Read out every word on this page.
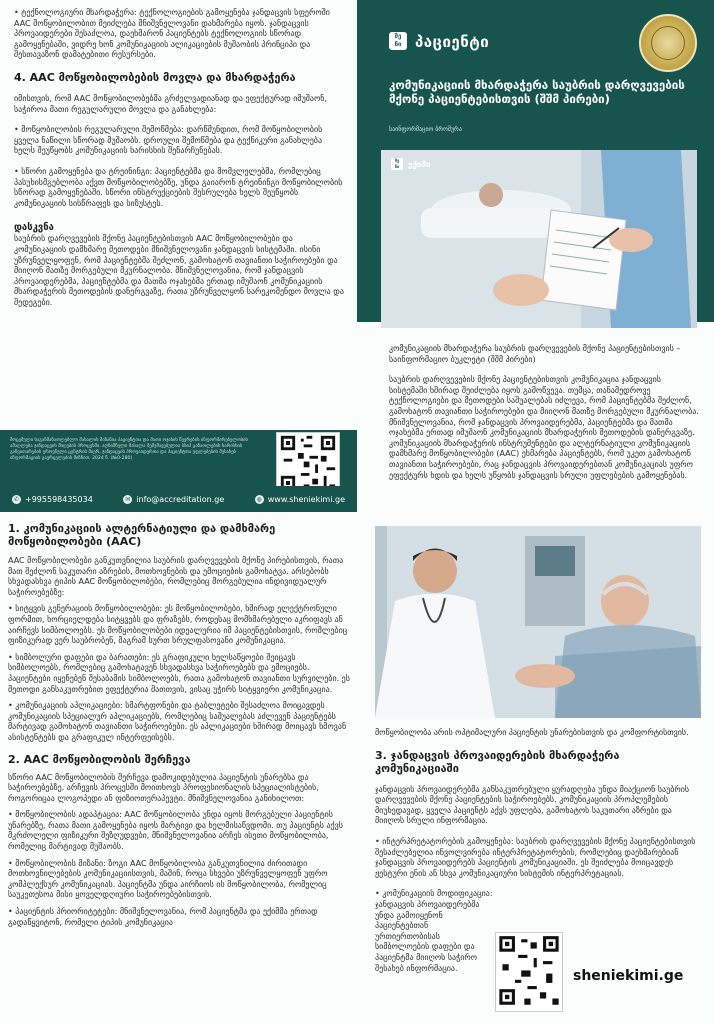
• ტექნოლოგიური მხარდაჭერა: ტექნოლოგიების გამოყენება ჯანდაცვის სფეროში AAC მოწყობილობით მეიძლება მნიშვნელოვანი დახმარება იყოს. ჯანდაცვის პროვაიდერები შესაძლოა, დაეხმარონ პაციენტებს ტექნოლოგიის სწორად გამოყენებაში, ვიდრე ხონ კომუნიკაციის ალიკაციების მუშაობის პრინციპი და შესთავაზონ დამატებითი რესურსები.

4. AAC მოწყობილობების მოვლა და მხარდაჭერა

იმისთვის, რომ AAC მოწყობილობებმა გრძელვადიანად და ეფექტურად იმუშაონ, საჭიროა მათი რეგულარული მოვლა და განახლება:

• მოწყობილობის რეგულარული შემოწმება: დარწმუნდით, რომ მოწყობილობის ყველა ნაწილი სწორად მუშაობს. დროული შემოწმება და ტექნიკური განახლება ხელს შეუწყობს კომუნიკაციის ხარისხის შენარჩუნებას.

• სწორი გამოყენება და ტრეინინგი: პაციენტებმა და მომვლელებმა, რომლებიც პასუხისმგებლობა აქვთ მოწყობილობებზე, უნდა გაიარონ ტრეინინგი მოწყობილობის სწორად გამოყენებაში. სწორი ინსტრუქციების შესრულება ხელს შეუწყობს კომუნიკაციის სისწრაფეს და სიზუსტეს.

დასკვნა

საუბრის დარღვევების მქონე პაციენტებისთვის AAC მოწყობილობები და კომუნიკაციის დამხმარე მეთოდები მნიშვნელოვანი ჯანდაცვის სისტემაში. ისინი უზრუნველყოფენ, რომ პაციენტებმა შეძლონ, გამოხატონ თავიანთი საჭიროებები და მიიღონ მათზე მორგებული მკურნალობა. მნიშვნელოვანია, რომ ჯანდაცვის პროვაიდერებმა, პაციენტებმა და მათმა ოჯახებმა ერთად იმუშაონ კომუნიკაციის მხარდაჭერის მეთოდების დანერგვაზე, რათა უზრუნველყონ სარეკომენდო მოვლა და შედეგები.

მოცემული საგანმანათლებლო მასალის მიზანია პაციენტთა და მათი ოჯახის წევრების ინფორმირებულობის ამაღლება ჯანდაცვის მიღების პროცესში. აღნიშნული მასალა შემუშავებულია სსიპ განათლების ხარისხის განვითარების ეროვნული ცენტრის მიერ, ჯანდაცვის პროვაიდერთა და პაციენტთა უფლებების შესახებ ინფორმაციის გავრცელების მიზნით. 2024 წ. (№0-280)

✆ +995598435034	✉ info@accreditation.ge	◍ www.sheniekimi.ge
შე
ნი პაციენტი
კომუნიკაციის მხარდაჭერა საუბრის დარღვევების მქონე პაციენტებისთვის (შშმ პირები)
საინფორმაციო ბროშურა
შე
ნი	ექიმი

კომუნიკაციის მხარდაჭერა საუბრის დარღვევების მქონე პაციენტებისთვის – საინფორმაციო ბუკლეტი (შშმ პირები)

საუბრის დარღვევების მქონე პაციენტებისთვის კომუნიკაცია ჯანდაცვის სისტემაში ხშირად შეიძლება იყოს გამოწვევა. თუმცა, თანამედროვე ტექნოლოგიები და მეთოდები საშუალებას იძლევა, რომ პაციენტებმა შეძლონ, გამოხატონ თავიანთი საჭიროებები და მიიღონ მათზე მორგებული მკურნალობა. მნიშვნელოვანია, რომ ჯანდაცვის პროვაიდერებმა, პაციენტებმა და მათმა ოჯახებმა ერთად იმუშაონ კომუნიკაციის მხარდაჭერის მეთოდების დანერგვაზე. კომუნიკაციის მხარდაჭერის ინსტრუმენტები და ალტერნატიული კომუნიკაციის დამხმარე მოწყობილობები (AAC) ეხმარება პაციენტებს, რომ უკეთ გამოხატონ თავიანთი საჭიროებები, რაც ჯანდაცვის პროვაიდერებთან კომუნიკაციას უფრო ეფექტურს ხდის და ხელს უწყობს ჯანდაცვის სრული უფლებების გამოყენებას.

1. კომუნიკაციის ალტერნატიული და დამხმარე მოწყობილობები (AAC)

AAC მოწყობილობები განკუთვნილია საუბრის დარღვევების მქონე პირებისთვის, რათა მათ შეძლონ საკუთარი აზრების, მოთხოვნების და ემოციების გამოხატვა. არსებობს სხვადასხვა ტიპის AAC მოწყობილობები, რომლებიც მორგებულია ინდივიდუალურ საჭიროებებზე:

• სიტყვის გენერაციის მოწყობილობები: ეს მოწყობილობები, ხშირად ელექტრონული ფორმით, ხორციელდება სიტყვებს და ფრაზებს, როდესაც მომხმარებელი აკრიფავს ან აირჩევს სიმბოლოებს. ეს მოწყობილობები იდეალურია იმ პაციენტებისთვის, რომლებიც ფიზიკურად ვერ საუბრობენ, მაგრამ სურთ სრულფასოვანი კომუნიკაცია.

• სიმბოლური დაფები და ბარათები: ეს გრაფიკული ხელსაწყოები შეიცავს სიმბოლოებს, რომლებიც გამოხატავენ სხვადასხვა საჭიროებებს და ემოციებს. პაციენტები იყენებენ შესაბამის სიმბოლოებს, რათა გამოხატონ თავიანთი სურვილები. ეს მეთოდი განსაკუთრებით ეფექტურია მათთვის, ვისაც უჭირს სიტყვიერი კომუნიკაცია.

• კომუნიკაციის აპლიკაციები: სმარტფონები და ტაბლეტები შესაძლოა მოიცავდეს კომუნიკაციის სპეციალურ აპლიკაციებს, რომლებიც საშუალებას აძლევენ პაციენტებს მარტივად გამოხატონ თავიანთი საჭიროებები. ეს აპლიკაციები ხშირად მოიცავს ხმოვან ასისტენტებს და გრაფიკულ ინტერფეისებს.

2. AAC მოწყობილობის შერჩევა

სწორი AAC მოწყობილობის შერჩევა დამოკიდებულია პაციენტის უნარებსა და საჭიროებებზე. არჩევის პროცესში მოითხოვს პროფესიონალის სპეციალისტების, როგორიცაა ლოგოპედი ან ფიზიოთერაპევტი. მნიშვნელოვანია განიხილოთ:

• მოწყობილობის ადაპტაცია: AAC მოწყობილობა უნდა იყოს მორგებული პაციენტის უნარებზე, რათა მათი გამოყენება იყოს მარტივი და ხელმისაწვდომი. თუ პაციენტს აქვს მკრძოლელი ფიზიკური შეზღუდვები, მნიშვნელოვანია არჩეს ისეთი მოწყობილობა, რომელიც მარტივად მუშაობს.

• მოწყობილობის მიზანი: ზოგი AAC მოწყობილობა განკუთვნილია ძირითადი მოთხოვნილებების კომუნიკაციისთვის, მაშინ, როცა სხვები უზრუნველყოფენ უფრო კომპლექსურ კომუნიკაციას. პაციენტმა უნდა აირჩიოს ის მოწყობილობა, რომელიც საუკეთესოა მისი ყოველდღიური საჭიროებებისთვის.

• პაციენტის პრიორიტეტები: მნიშვნელოვანია, რომ პაციენტმა და ექიმმა ერთად გადაწყვიტონ, რომელი ტიპის კომუნიკაცია

მოწყობილობა არის ოპტიმალური პაციენტის უნარებისთვის და კომფორტისთვის.

3. ჯანდაცვის პროვაიდერების მხარდაჭერა კომუნიკაციაში

ჯანდაცვის პროვაიდერებმა განსაკუთრებული ყურადღება უნდა მიაქციონ საუბრის დარღვევების მქონე პაციენტების საჭიროებებს. კომუნიკაციის პროპლემების მიუხედავად, ყველა პაციენტს აქვს უფლება, გამოხატოს საკუთარი აზრები და მიიღოს სრული ინფორმაცია.

• ინტერპრეტატორების გამოყენება: საუბრის დარღვევების მქონე პაციენტებისთვის შესაძლებელია ინვოლვირება ინტერპრეტატორების, რომლებიც დაეხმარებიან ჯანდაცვის პროვაიდერებს პაციენტის კომუნიკაციაში. ეს შეიძლება მოიცავდეს ჟესტური ენის ან სხვა კომუნიკაციური სისტემის ინტერპრეტაციას.

• კომუნიკაციის მოდიფიკაცია: ჯანდაცვის პროვაიდერებმა უნდა გამოიყენონ პაციენტებთან ურთიერთობისას სიმბოლოების დაფები და პაციენტმა მიიღოს საჭირო შესახებ ინფორმაცია.	sheniekimi.ge
